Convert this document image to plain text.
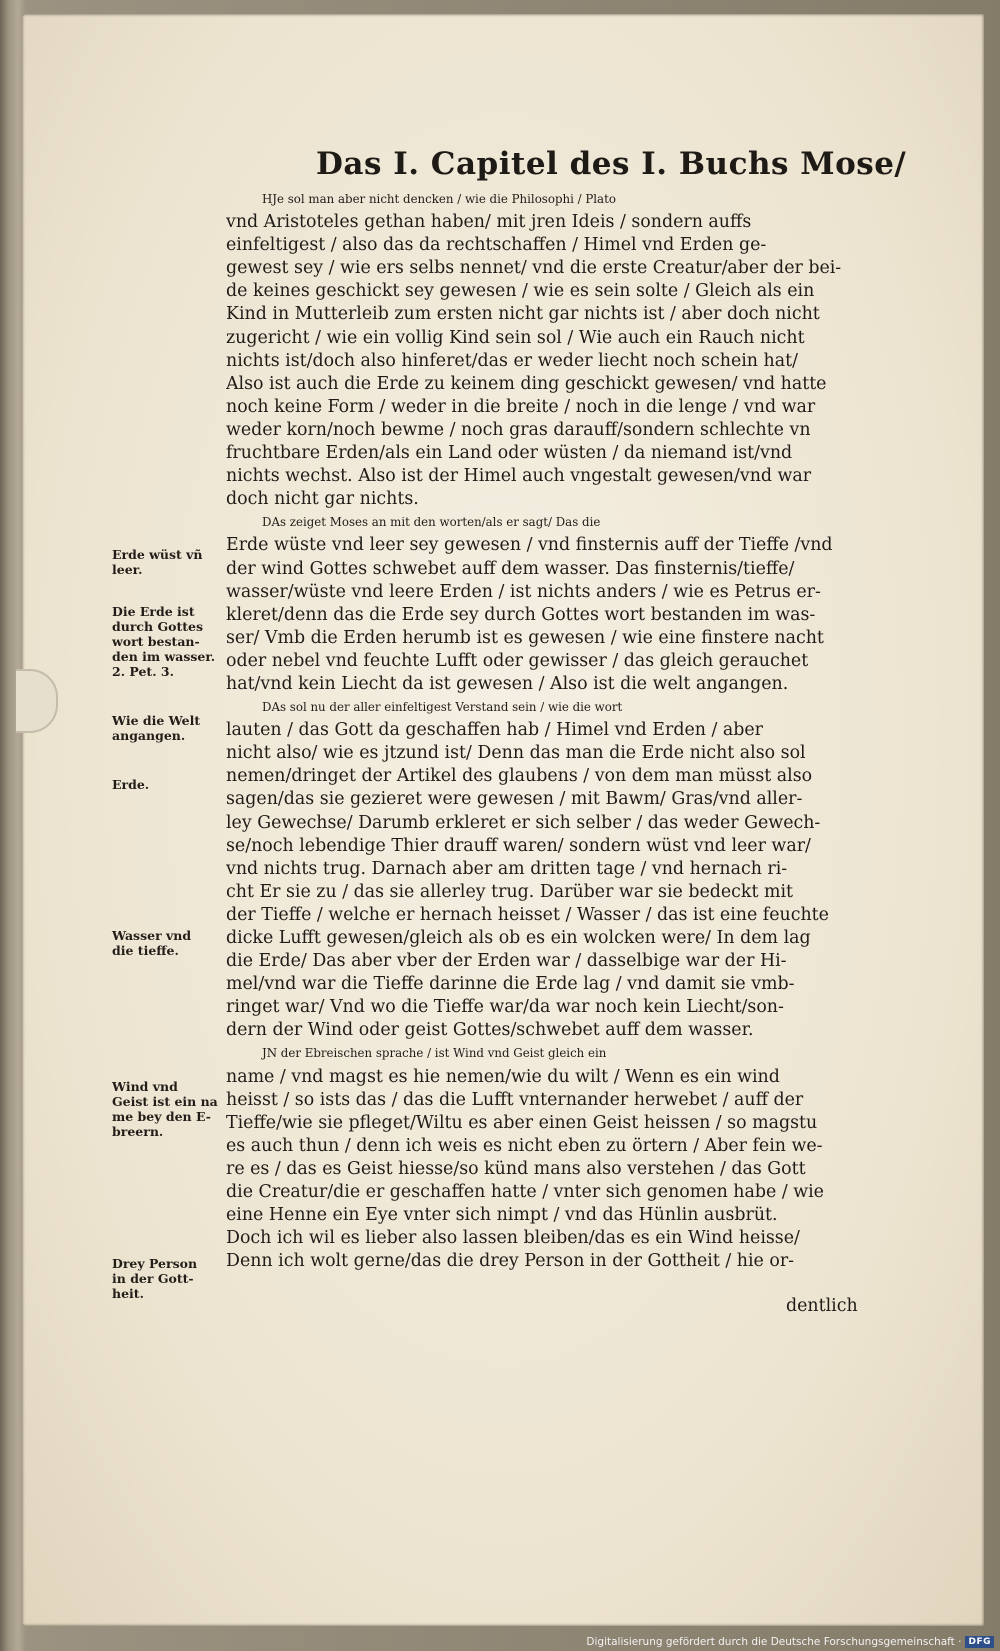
Das I. Capitel des I. Buchs Mose/

HJe sol man aber nicht dencken / wie die Philosophi / Plato
vnd Aristoteles gethan haben/ mit jren Ideis / sondern auffs
einfeltigest / also das da rechtschaffen / Himel vnd Erden ge-
gewest sey / wie ers selbs nennet/ vnd die erste Creatur/aber der bei-
de keines geschickt sey gewesen / wie es sein solte / Gleich als ein
Kind in Mutterleib zum ersten nicht gar nichts ist / aber doch nicht
zugericht / wie ein vollig Kind sein sol / Wie auch ein Rauch nicht
nichts ist/doch also hinferet/das er weder liecht noch schein hat/
Also ist auch die Erde zu keinem ding geschickt gewesen/ vnd hatte
noch keine Form / weder in die breite / noch in die lenge / vnd war
weder korn/noch bewme / noch gras darauff/sondern schlechte vn
fruchtbare Erden/als ein Land oder wüsten / da niemand ist/vnd
nichts wechst. Also ist der Himel auch vngestalt gewesen/vnd war
doch nicht gar nichts.

DAs zeiget Moses an mit den worten/als er sagt/ Das die
Erde wüste vnd leer sey gewesen / vnd finsternis auff der Tieffe /vnd
der wind Gottes schwebet auff dem wasser. Das finsternis/tieffe/
wasser/wüste vnd leere Erden / ist nichts anders / wie es Petrus er-
kleret/denn das die Erde sey durch Gottes wort bestanden im was-
ser/ Vmb die Erden herumb ist es gewesen / wie eine finstere nacht
oder nebel vnd feuchte Lufft oder gewisser / das gleich gerauchet
hat/vnd kein Liecht da ist gewesen / Also ist die welt angangen.

DAs sol nu der aller einfeltigest Verstand sein / wie die wort
lauten / das Gott da geschaffen hab / Himel vnd Erden / aber
nicht also/ wie es jtzund ist/ Denn das man die Erde nicht also sol
nemen/dringet der Artikel des glaubens / von dem man müsst also
sagen/das sie gezieret were gewesen / mit Bawm/ Gras/vnd aller-
ley Gewechse/ Darumb erkleret er sich selber / das weder Gewech-
se/noch lebendige Thier drauff waren/ sondern wüst vnd leer war/
vnd nichts trug. Darnach aber am dritten tage / vnd hernach ri-
cht Er sie zu / das sie allerley trug. Darüber war sie bedeckt mit
der Tieffe / welche er hernach heisset / Wasser / das ist eine feuchte
dicke Lufft gewesen/gleich als ob es ein wolcken were/ In dem lag
die Erde/ Das aber vber der Erden war / dasselbige war der Hi-
mel/vnd war die Tieffe darinne die Erde lag / vnd damit sie vmb-
ringet war/ Vnd wo die Tieffe war/da war noch kein Liecht/son-
dern der Wind oder geist Gottes/schwebet auff dem wasser.

JN der Ebreischen sprache / ist Wind vnd Geist gleich ein
name / vnd magst es hie nemen/wie du wilt / Wenn es ein wind
heisst / so ists das / das die Lufft vnternander herwebet / auff der
Tieffe/wie sie pfleget/Wiltu es aber einen Geist heissen / so magstu
es auch thun / denn ich weis es nicht eben zu örtern / Aber fein we-
re es / das es Geist hiesse/so künd mans also verstehen / das Gott
die Creatur/die er geschaffen hatte / vnter sich genomen habe / wie
eine Henne ein Eye vnter sich nimpt / vnd das Hünlin ausbrüt.
Doch ich wil es lieber also lassen bleiben/das es ein Wind heisse/
Denn ich wolt gerne/das die drey Person in der Gottheit / hie or-

dentlich
Erde wüst vñ
leer.
Die Erde ist
durch Gottes
wort bestan-
den im wasser.
2. Pet. 3.
Wie die Welt
angangen.
Erde.
Wasser vnd
die tieffe.
Wind vnd
Geist ist ein na
me bey den E-
breern.
Drey Person
in der Gott-
heit.
Digitalisierung gefördert durch die Deutsche Forschungsgemeinschaft · DFG
